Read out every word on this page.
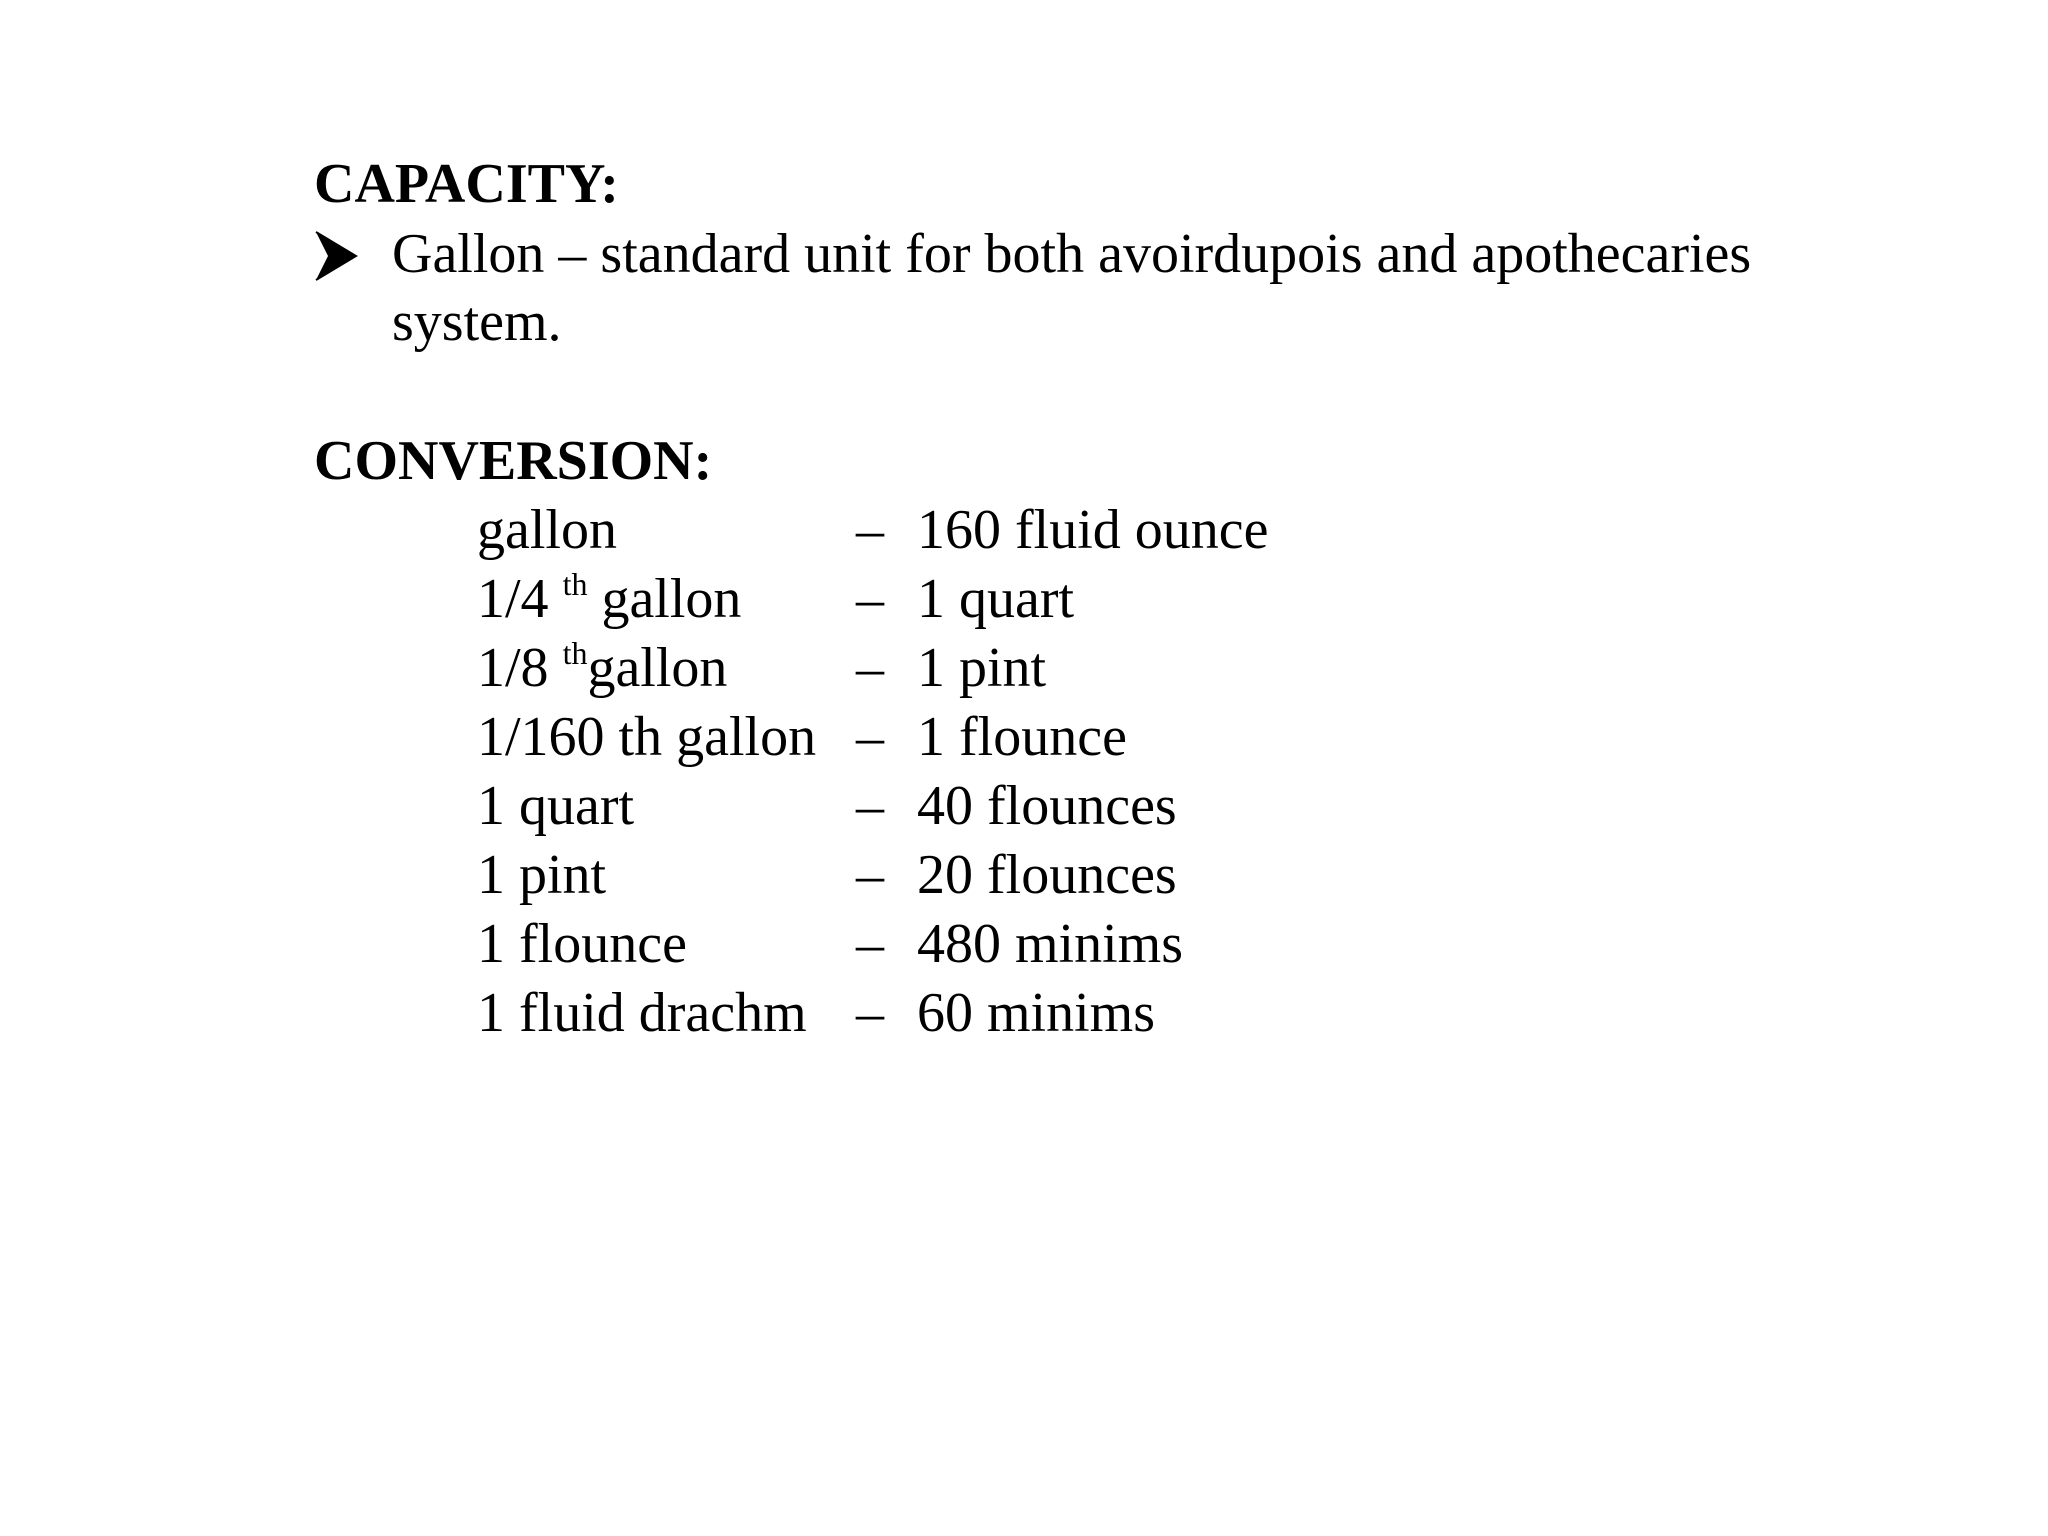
CAPACITY:
Gallon – standard unit for both avoirdupois and apothecaries system.
CONVERSION:
gallon	– 160 fluid ounce
1/4 $^{th}$ gallon – 1 quart
1/8 $^{th}$gallon – 1 pint
1/160 th gallon – 1 flounce
1 quart	– 40 flounces
1 pint	– 20 flounces
1 flounce	– 480 minims
1 fluid drachm – 60 minims
